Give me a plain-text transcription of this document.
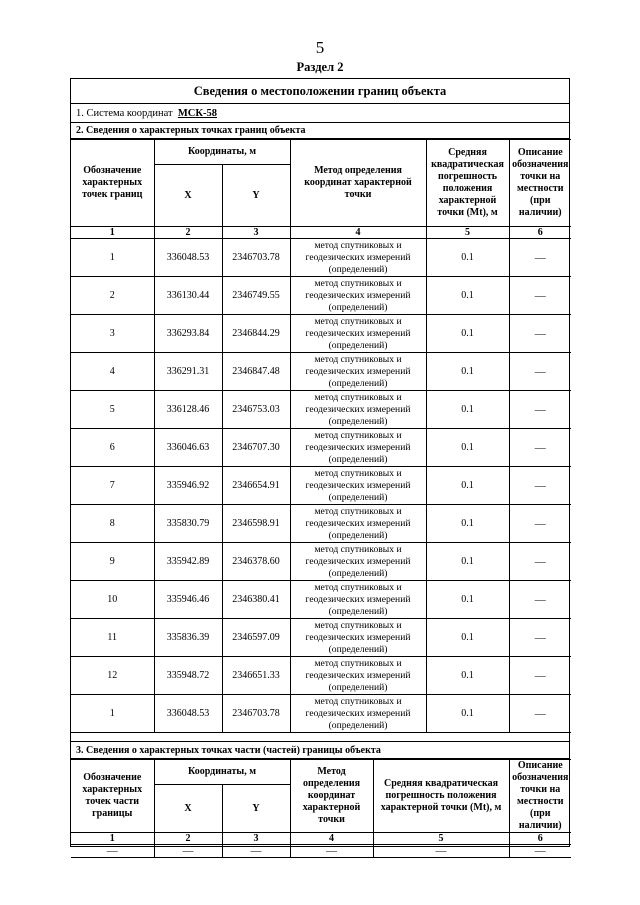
5
Раздел 2
Сведения о местоположении границ объекта
1. Система координат МСК-58
2. Сведения о характерных точках границ объекта
Обозначение характерных точек границ	Координаты, м		Метод определения координат характерной точки	Средняя квадратическая погрешность положения характерной точки (Mt), м	Описание обозначения точки на местности (при наличии)
	X	Y			
1	2	3	4	5	6
1	336048.53	2346703.78	метод спутниковых и геодезических измерений (определений)	0.1	—
2	336130.44	2346749.55	метод спутниковых и геодезических измерений (определений)	0.1	—
3	336293.84	2346844.29	метод спутниковых и геодезических измерений (определений)	0.1	—
4	336291.31	2346847.48	метод спутниковых и геодезических измерений (определений)	0.1	—
5	336128.46	2346753.03	метод спутниковых и геодезических измерений (определений)	0.1	—
6	336046.63	2346707.30	метод спутниковых и геодезических измерений (определений)	0.1	—
7	335946.92	2346654.91	метод спутниковых и геодезических измерений (определений)	0.1	—
8	335830.79	2346598.91	метод спутниковых и геодезических измерений (определений)	0.1	—
9	335942.89	2346378.60	метод спутниковых и геодезических измерений (определений)	0.1	—
10	335946.46	2346380.41	метод спутниковых и геодезических измерений (определений)	0.1	—
11	335836.39	2346597.09	метод спутниковых и геодезических измерений (определений)	0.1	—
12	335948.72	2346651.33	метод спутниковых и геодезических измерений (определений)	0.1	—
1	336048.53	2346703.78	метод спутниковых и геодезических измерений (определений)	0.1	—
3. Сведения о характерных точках части (частей) границы объекта
Обозначение характерных точек части границы	Координаты, м		Метод определения координат характерной точки	Средняя квадратическая погрешность положения характерной точки (Mt), м	Описание обозначения точки на местности (при наличии)
	X	Y			
1	2	3	4	5	6
—	—	—	—	—	—
